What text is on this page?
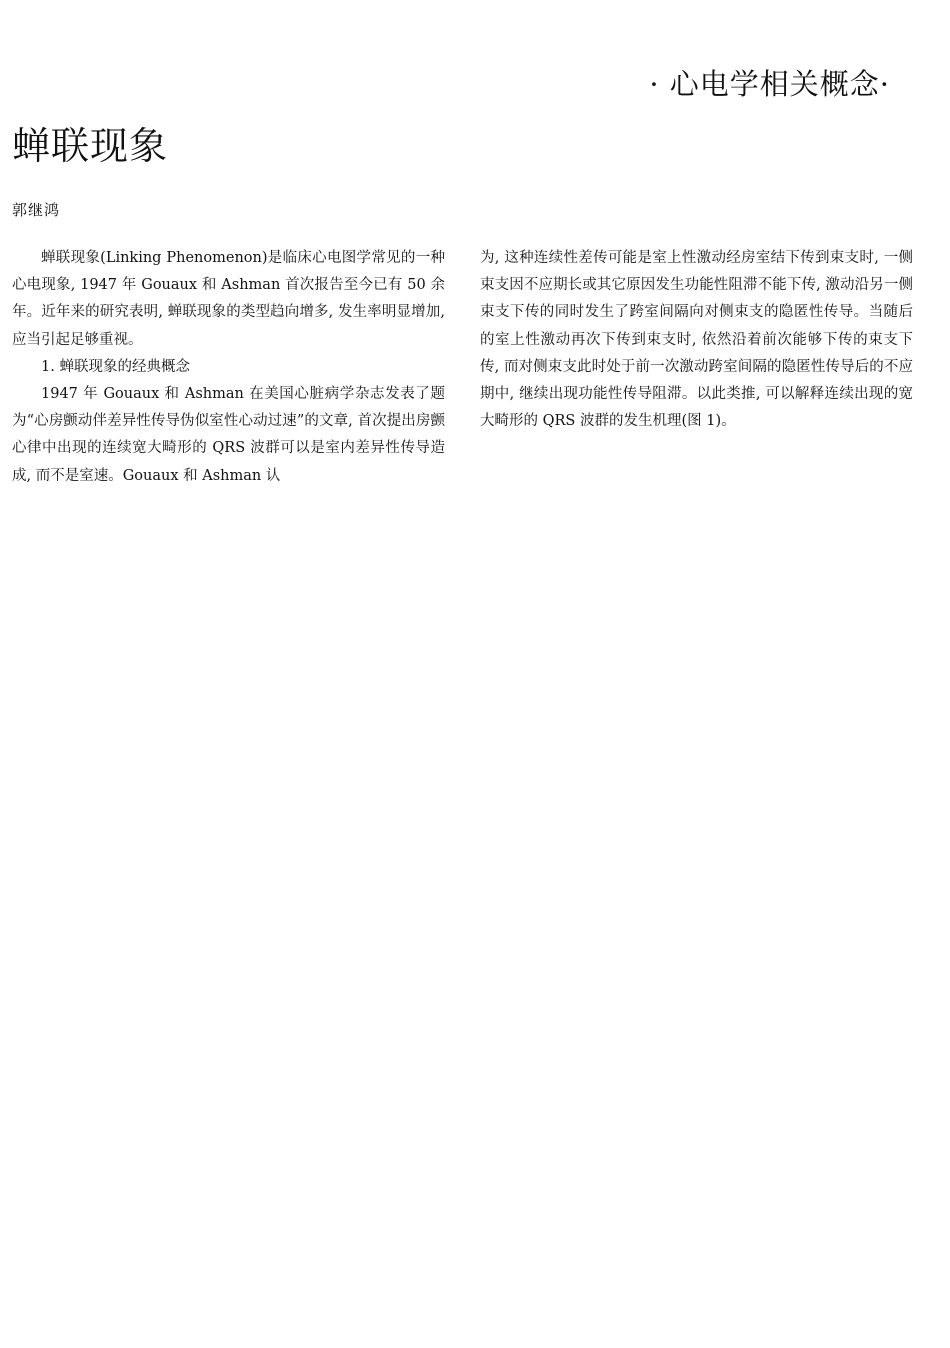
· 心电学相关概念·
蝉联现象
郭继鸿

蝉联现象(Linking Phenomenon)是临床心电图学常见的一种心电现象, 1947 年 Gouaux 和 Ashman 首次报告至今已有 50 余年。近年来的研究表明, 蝉联现象的类型趋向增多, 发生率明显增加, 应当引起足够重视。

1. 蝉联现象的经典概念

1947 年 Gouaux 和 Ashman 在美国心脏病学杂志发表了题为“心房颤动伴差异性传导伪似室性心动过速”的文章, 首次提出房颤心律中出现的连续宽大畸形的 QRS 波群可以是室内差异性传导造成, 而不是室速。Gouaux 和 Ashman 认

为, 这种连续性差传可能是室上性激动经房室结下传到束支时, 一侧束支因不应期长或其它原因发生功能性阻滞不能下传, 激动沿另一侧束支下传的同时发生了跨室间隔向对侧束支的隐匿性传导。当随后的室上性激动再次下传到束支时, 依然沿着前次能够下传的束支下传, 而对侧束支此时处于前一次激动跨室间隔的隐匿性传导后的不应期中, 继续出现功能性传导阻滞。以此类推, 可以解释连续出现的宽大畸形的 QRS 波群的发生机理(图 1)。
